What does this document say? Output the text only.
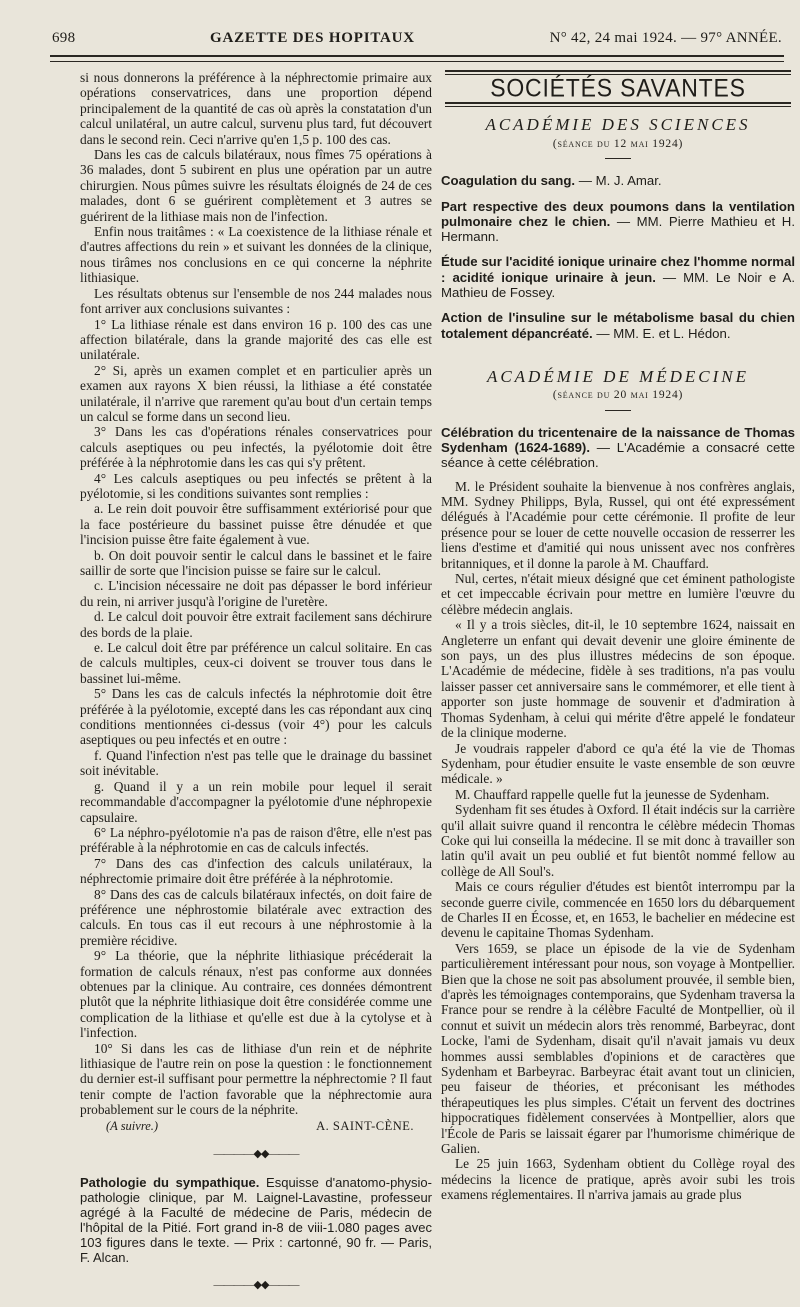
698	GAZETTE DES HOPITAUX	N° 42, 24 mai 1924. — 97° ANNÉE.

si nous donnerons la préférence à la néphrectomie primaire aux opérations conservatrices, dans une proportion dépend principalement de la quantité de cas où après la constatation d'un calcul unilatéral, un autre calcul, survenu plus tard, fut découvert dans le second rein. Ceci n'arrive qu'en 1,5 p. 100 des cas.

Dans les cas de calculs bilatéraux, nous fîmes 75 opérations à 36 malades, dont 5 subirent en plus une opération par un autre chirurgien. Nous pûmes suivre les résultats éloignés de 24 de ces malades, dont 6 se guérirent complètement et 3 autres se guérirent de la lithiase mais non de l'infection.

Enfin nous traitâmes : « La coexistence de la lithiase rénale et d'autres affections du rein » et suivant les données de la clinique, nous tirâmes nos conclusions en ce qui concerne la néphrite lithiasique.

Les résultats obtenus sur l'ensemble de nos 244 malades nous font arriver aux conclusions suivantes :

1° La lithiase rénale est dans environ 16 p. 100 des cas une affection bilatérale, dans la grande majorité des cas elle est unilatérale.

2° Si, après un examen complet et en particulier après un examen aux rayons X bien réussi, la lithiase a été constatée unilatérale, il n'arrive que rarement qu'au bout d'un certain temps un calcul se forme dans un second lieu.

3° Dans les cas d'opérations rénales conservatrices pour calculs aseptiques ou peu infectés, la pyélotomie doit être préférée à la néphrotomie dans les cas qui s'y prêtent.

4° Les calculs aseptiques ou peu infectés se prêtent à la pyélotomie, si les conditions suivantes sont remplies :

a. Le rein doit pouvoir être suffisamment extériorisé pour que la face postérieure du bassinet puisse être dénudée et que l'incision puisse être faite également à vue.

b. On doit pouvoir sentir le calcul dans le bassinet et le faire saillir de sorte que l'incision puisse se faire sur le calcul.

c. L'incision nécessaire ne doit pas dépasser le bord inférieur du rein, ni arriver jusqu'à l'origine de l'uretère.

d. Le calcul doit pouvoir être extrait facilement sans déchirure des bords de la plaie.

e. Le calcul doit être par préférence un calcul solitaire. En cas de calculs multiples, ceux-ci doivent se trouver tous dans le bassinet lui-même.

5° Dans les cas de calculs infectés la néphrotomie doit être préférée à la pyélotomie, excepté dans les cas répondant aux cinq conditions mentionnées ci-dessus (voir 4°) pour les calculs aseptiques ou peu infectés et en outre :

f. Quand l'infection n'est pas telle que le drainage du bassinet soit inévitable.

g. Quand il y a un rein mobile pour lequel il serait recommandable d'accompagner la pyélotomie d'une néphropexie capsulaire.

6° La néphro-pyélotomie n'a pas de raison d'être, elle n'est pas préférable à la néphrotomie en cas de calculs infectés.

7° Dans des cas d'infection des calculs unilatéraux, la néphrectomie primaire doit être préférée à la néphrotomie.

8° Dans des cas de calculs bilatéraux infectés, on doit faire de préférence une néphrostomie bilatérale avec extraction des calculs. En tous cas il eut recours à une néphrostomie à la première récidive.

9° La théorie, que la néphrite lithiasique précéderait la formation de calculs rénaux, n'est pas conforme aux données obtenues par la clinique. Au contraire, ces données démontrent plutôt que la néphrite lithiasique doit être considérée comme une complication de la lithiase et qu'elle est due à la cytolyse et à l'infection.

10° Si dans les cas de lithiase d'un rein et de néphrite lithiasique de l'autre rein on pose la question : le fonctionnement du dernier est-il suffisant pour permettre la néphrectomie ? Il faut tenir compte de l'action favorable que la néphrectomie aura probablement sur le cours de la néphrite.

(A suivre.)	A. SAINT-CÈNE.
————◆◆———
Pathologie du sympathique. Esquisse d'anatomo-physio-pathologie clinique, par M. Laignel-Lavastine, professeur agrégé à la Faculté de médecine de Paris, médecin de l'hôpital de la Pitié. Fort grand in-8 de viii-1.080 pages avec 103 figures dans le texte. — Prix : cartonné, 90 fr. — Paris, F. Alcan.
————◆◆———
SOCIÉTÉS SAVANTES
ACADÉMIE DES SCIENCES
(séance du 12 mai 1924)
Coagulation du sang. — M. J. Amar.
Part respective des deux poumons dans la ventilation pulmonaire chez le chien. — MM. Pierre Mathieu et H. Hermann.
Étude sur l'acidité ionique urinaire chez l'homme normal : acidité ionique urinaire à jeun. — MM. Le Noir e A. Mathieu de Fossey.
Action de l'insuline sur le métabolisme basal du chien totalement dépancréaté. — MM. E. et L. Hédon.
ACADÉMIE DE MÉDECINE
(séance du 20 mai 1924)
Célébration du tricentenaire de la naissance de Thomas Sydenham (1624-1689). — L'Académie a consacré cette séance à cette célébration.

M. le Président souhaite la bienvenue à nos confrères anglais, MM. Sydney Philipps, Byla, Russel, qui ont été expressément délégués à l'Académie pour cette cérémonie. Il profite de leur présence pour se louer de cette nouvelle occasion de resserrer les liens d'estime et d'amitié qui nous unissent avec nos confrères britanniques, et il donne la parole à M. Chauffard.

Nul, certes, n'était mieux désigné que cet éminent pathologiste et cet impeccable écrivain pour mettre en lumière l'œuvre du célèbre médecin anglais.

« Il y a trois siècles, dit-il, le 10 septembre 1624, naissait en Angleterre un enfant qui devait devenir une gloire éminente de son pays, un des plus illustres médecins de son époque. L'Académie de médecine, fidèle à ses traditions, n'a pas voulu laisser passer cet anniversaire sans le commémorer, et elle tient à apporter son juste hommage de souvenir et d'admiration à Thomas Sydenham, à celui qui mérite d'être appelé le fondateur de la clinique moderne.

Je voudrais rappeler d'abord ce qu'a été la vie de Thomas Sydenham, pour étudier ensuite le vaste ensemble de son œuvre médicale. »

M. Chauffard rappelle quelle fut la jeunesse de Sydenham.

Sydenham fit ses études à Oxford. Il était indécis sur la carrière qu'il allait suivre quand il rencontra le célèbre médecin Thomas Coke qui lui conseilla la médecine. Il se mit donc à travailler son latin qu'il avait un peu oublié et fut bientôt nommé fellow au collège de All Soul's.

Mais ce cours régulier d'études est bientôt interrompu par la seconde guerre civile, commencée en 1650 lors du débarquement de Charles II en Écosse, et, en 1653, le bachelier en médecine est devenu le capitaine Thomas Sydenham.

Vers 1659, se place un épisode de la vie de Sydenham particulièrement intéressant pour nous, son voyage à Montpellier. Bien que la chose ne soit pas absolument prouvée, il semble bien, d'après les témoignages contemporains, que Sydenham traversa la France pour se rendre à la célèbre Faculté de Montpellier, où il connut et suivit un médecin alors très renommé, Barbeyrac, dont Locke, l'ami de Sydenham, disait qu'il n'avait jamais vu deux hommes aussi semblables d'opinions et de caractères que Sydenham et Barbeyrac. Barbeyrac était avant tout un clinicien, peu faiseur de théories, et préconisant les méthodes thérapeutiques les plus simples. C'était un fervent des doctrines hippocratiques fidèlement conservées à Montpellier, alors que l'École de Paris se laissait égarer par l'humorisme chimérique de Galien.

Le 25 juin 1663, Sydenham obtient du Collège royal des médecins la licence de pratique, après avoir subi les trois examens réglementaires. Il n'arriva jamais au grade plus
